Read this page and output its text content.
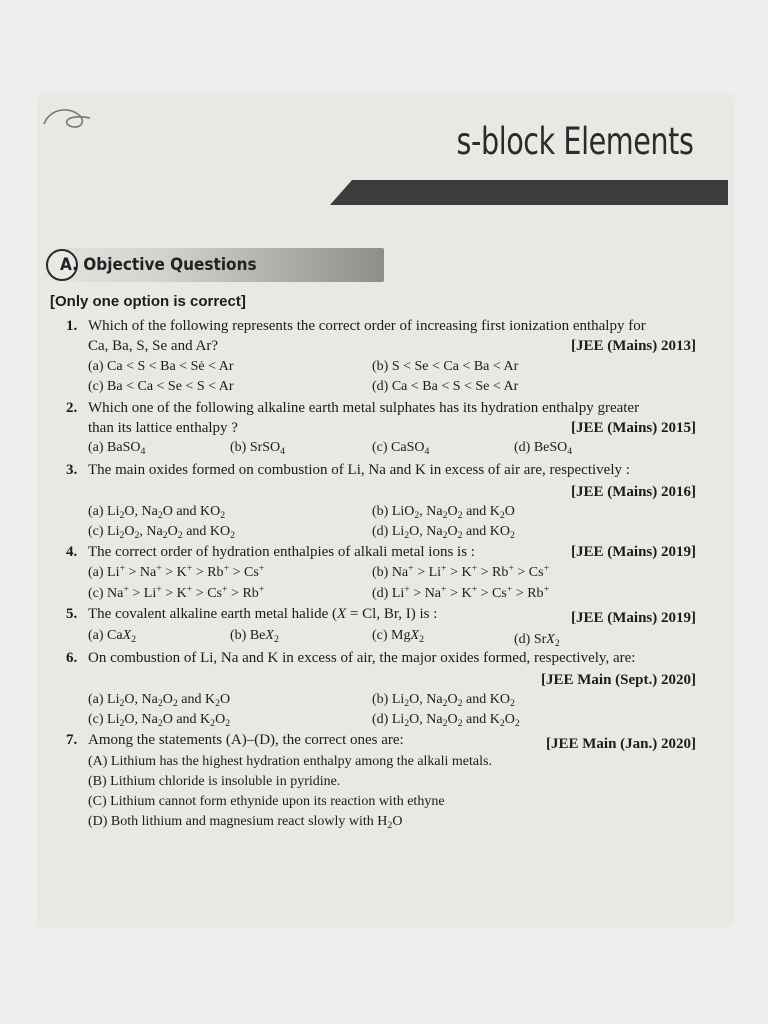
s-block Elements
A. Objective Questions
[Only one option is correct]
1. Which of the following represents the correct order of increasing first ionization enthalpy for
Ca, Ba, S, Se and Ar?	[JEE (Mains) 2013]
(a) Ca < S < Ba < Sė < Ar	(b) S < Se < Ca < Ba < Ar
(c) Ba < Ca < Se < S < Ar	(d) Ca < Ba < S < Se < Ar
2. Which one of the following alkaline earth metal sulphates has its hydration enthalpy greater
than its lattice enthalpy ?	[JEE (Mains) 2015]
(a) BaSO$_4$	(b) SrSO$_4$	(c) CaSO$_4$	(d) BeSO$_4$
3. The main oxides formed on combustion of Li, Na and K in excess of air are, respectively :
[JEE (Mains) 2016]
(a) $Li_2O$, $Na_2O$ and $KO_2$	(b) LiO$_2$, $Na_2O_2$ and $K_2O$
(c) $Li_2O_2$, $Na_2O_2$ and $KO_2$	(d) $Li_2O$, $Na_2O_2$ and $KO_2$
4. The correct order of hydration enthalpies of alkali metal ions is :	[JEE (Mains) 2019]
(a) Li+ > Na+ > K+ > Rb+ > Cs+	(b) Na+ > Li+ > K+ > Rb+ > Cs+
(c) Na+ > Li+ > K+ > Cs+ > Rb+	(d) Li+ > Na+ > K+ > Cs+ > Rb+
5. The covalent alkaline earth metal halide (X = Cl, Br, I) is :	[JEE (Mains) 2019]
(a) CaX$_2$	(b) BeX$_2$	(c) MgX$_2$	(d) SrX$_2$
6. On combustion of Li, Na and K in excess of air, the major oxides formed, respectively, are:
[JEE Main (Sept.) 2020]
(a) $Li_2O$, $Na_2O_2$ and $K_2O$	(b) $Li_2O$, $Na_2O_2$ and $KO_2$
(c) $Li_2O$, $Na_2O$ and $K_2O_2$	(d) $Li_2O$, $Na_2O_2$ and $K_2O_2$
7. Among the statements (A)–(D), the correct ones are:	[JEE Main (Jan.) 2020]
(A) Lithium has the highest hydration enthalpy among the alkali metals.
(B) Lithium chloride is insoluble in pyridine.
(C) Lithium cannot form ethynide upon its reaction with ethyne
(D) Both lithium and magnesium react slowly with $H_2O$
